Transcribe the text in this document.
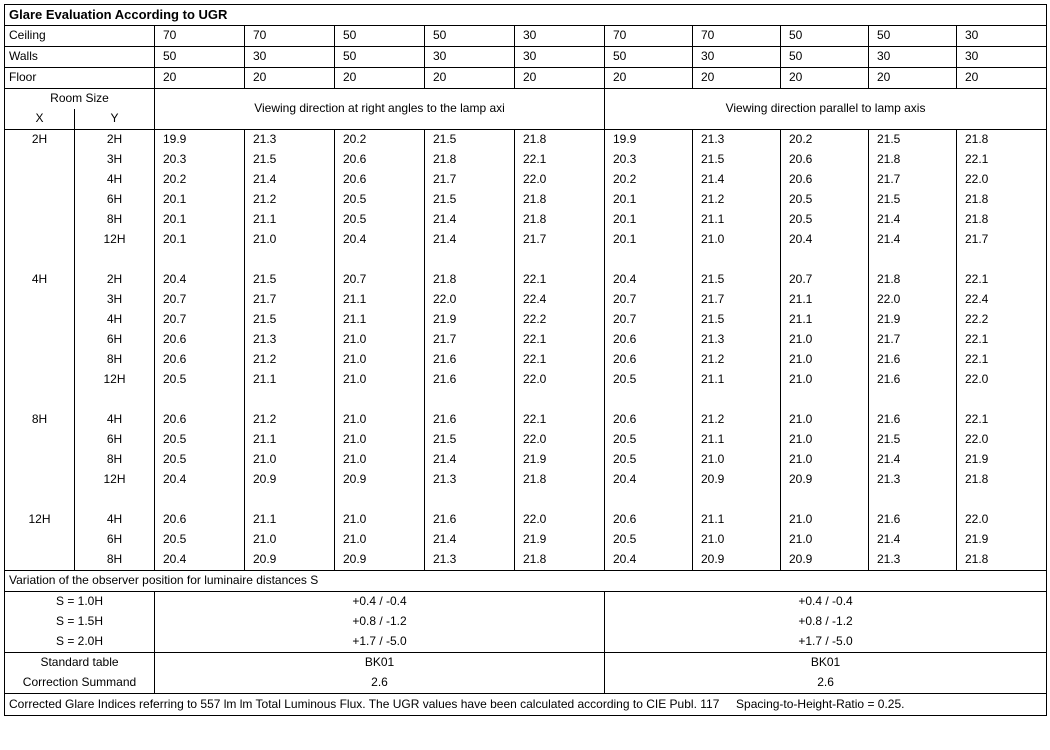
Glare Evaluation According to UGR											
Ceiling		70	70	50	50	30	70	70	50	50	30
Walls		50	30	50	30	30	50	30	50	30	30
Floor		20	20	20	20	20	20	20	20	20	20
Room Size		Viewing direction at right angles to the lamp axi					Viewing direction parallel to lamp axis				
X	Y										
2H	2H	19.9	21.3	20.2	21.5	21.8	19.9	21.3	20.2	21.5	21.8
	3H	20.3	21.5	20.6	21.8	22.1	20.3	21.5	20.6	21.8	22.1
	4H	20.2	21.4	20.6	21.7	22.0	20.2	21.4	20.6	21.7	22.0
	6H	20.1	21.2	20.5	21.5	21.8	20.1	21.2	20.5	21.5	21.8
	8H	20.1	21.1	20.5	21.4	21.8	20.1	21.1	20.5	21.4	21.8
	12H	20.1	21.0	20.4	21.4	21.7	20.1	21.0	20.4	21.4	21.7

4H	2H	20.4	21.5	20.7	21.8	22.1	20.4	21.5	20.7	21.8	22.1
	3H	20.7	21.7	21.1	22.0	22.4	20.7	21.7	21.1	22.0	22.4
	4H	20.7	21.5	21.1	21.9	22.2	20.7	21.5	21.1	21.9	22.2
	6H	20.6	21.3	21.0	21.7	22.1	20.6	21.3	21.0	21.7	22.1
	8H	20.6	21.2	21.0	21.6	22.1	20.6	21.2	21.0	21.6	22.1
	12H	20.5	21.1	21.0	21.6	22.0	20.5	21.1	21.0	21.6	22.0

8H	4H	20.6	21.2	21.0	21.6	22.1	20.6	21.2	21.0	21.6	22.1
	6H	20.5	21.1	21.0	21.5	22.0	20.5	21.1	21.0	21.5	22.0
	8H	20.5	21.0	21.0	21.4	21.9	20.5	21.0	21.0	21.4	21.9
	12H	20.4	20.9	20.9	21.3	21.8	20.4	20.9	20.9	21.3	21.8

12H	4H	20.6	21.1	21.0	21.6	22.0	20.6	21.1	21.0	21.6	22.0
	6H	20.5	21.0	21.0	21.4	21.9	20.5	21.0	21.0	21.4	21.9
	8H	20.4	20.9	20.9	21.3	21.8	20.4	20.9	20.9	21.3	21.8
Variation of the observer position for luminaire distances S											
S = 1.0H		+0.4 / -0.4					+0.4 / -0.4				
S = 1.5H		+0.8 / -1.2					+0.8 / -1.2				
S = 2.0H		+1.7 / -5.0					+1.7 / -5.0				
Standard table		BK01					BK01				
Correction Summand		2.6					2.6				
Corrected Glare Indices referring to 557 lm lm Total Luminous Flux. The UGR values have been calculated according to CIE Publ. 117 Spacing-to-Height-Ratio = 0.25.											
